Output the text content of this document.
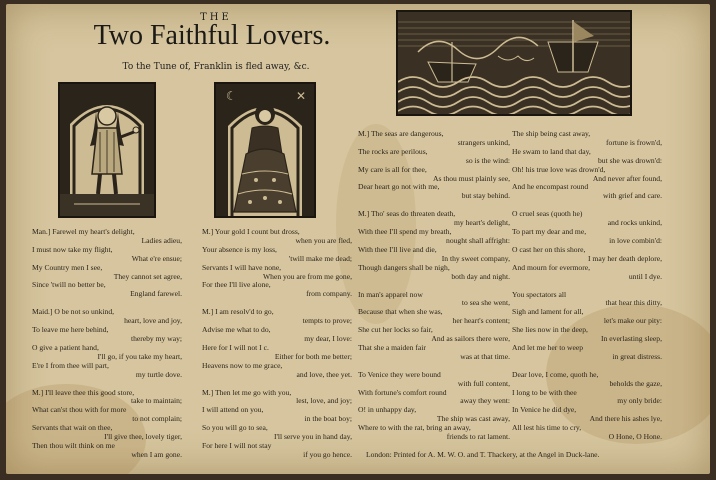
THE
Two Faithful Lovers.
To the Tune of, Franklin is fled away, &c.
☾	✕
Man.] Farewel my heart's delight,
Ladies adieu,
I must now take my flight,
What e're ensue;
My Country men I see,
They cannot set agree,
Since 'twill no better be,
England farewel.
Maid.] O be not so unkind,
heart, love and joy,
To leave me here behind,
thereby my way;
O give a patient hand,
I'll go, if you take my heart,
E're I from thee will part,
my turtle dove.
M.] I'll leave thee this good store,
take to maintain;
What can'st thou with for more
to not complain;
Servants that wait on thee,
I'll give thee, lovely tiger,
Then thou wilt think on me
when I am gone.
M.] Your gold I count but dross,
when you are fled,
Your absence is my loss,
'twill make me dead;
Servants I will have none,
When you are from me gone,
For thee I'll live alone,
from company.
M.] I am resolv'd to go,
tempts to prove;
Advise me what to do,
my dear, I love:
Here for I will not I c.
Either for both me better;
Heavens now to me grace,
and love, thee yet.
M.] Then let me go with you,
lest, love, and joy;
I will attend on you,
in the boat boy;
So you will go to sea,
I'll serve you in hand day,
For here I will not stay
if you go hence.
M.] The seas are dangerous,
strangers unkind,
The rocks are perilous,
so is the wind:
My care is all for thee,
As thou must plainly see,
Dear heart go not with me,
but stay behind.
M.] Tho' seas do threaten death,
my heart's delight,
With thee I'll spend my breath,
nought shall affright:
With thee I'll live and die,
In thy sweet company,
Though dangers shall be nigh,
both day and night.
In man's apparel now
to sea she went,
Because that when she was,
her heart's content;
She cut her locks so fair,
And as sailors there were,
That she a maiden fair
was at that time.
To Venice they were bound
with full content,
With fortune's comfort round
away they went:
O! in unhappy day,
The ship was cast away,
Where to with the rat, bring an away,
friends to rat lament.
The ship being cast away,
fortune is frown'd,
He swam to land that day,
but she was drown'd:
Oh! his true love was drown'd,
And never after found,
And he encompast round
with grief and care.
O cruel seas (quoth he)
and rocks unkind,
To part my dear and me,
in love combin'd:
O cast her on this shore,
I may her death deplore,
And mourn for evermore,
until I dye.
You spectators all
that hear this ditty,
Sigh and lament for all,
let's make our pity:
She lies now in the deep,
In everlasting sleep,
And let me her to weep
in great distress.
Dear love, I come, quoth he,
beholds the gaze,
I long to be with thee
my only bride:
In Venice he did dye,
And there his ashes lye,
All lest his time to cry,
O Hone, O Hone.
London: Printed for A. M. W. O. and T. Thackery, at the Angel in Duck-lane.
